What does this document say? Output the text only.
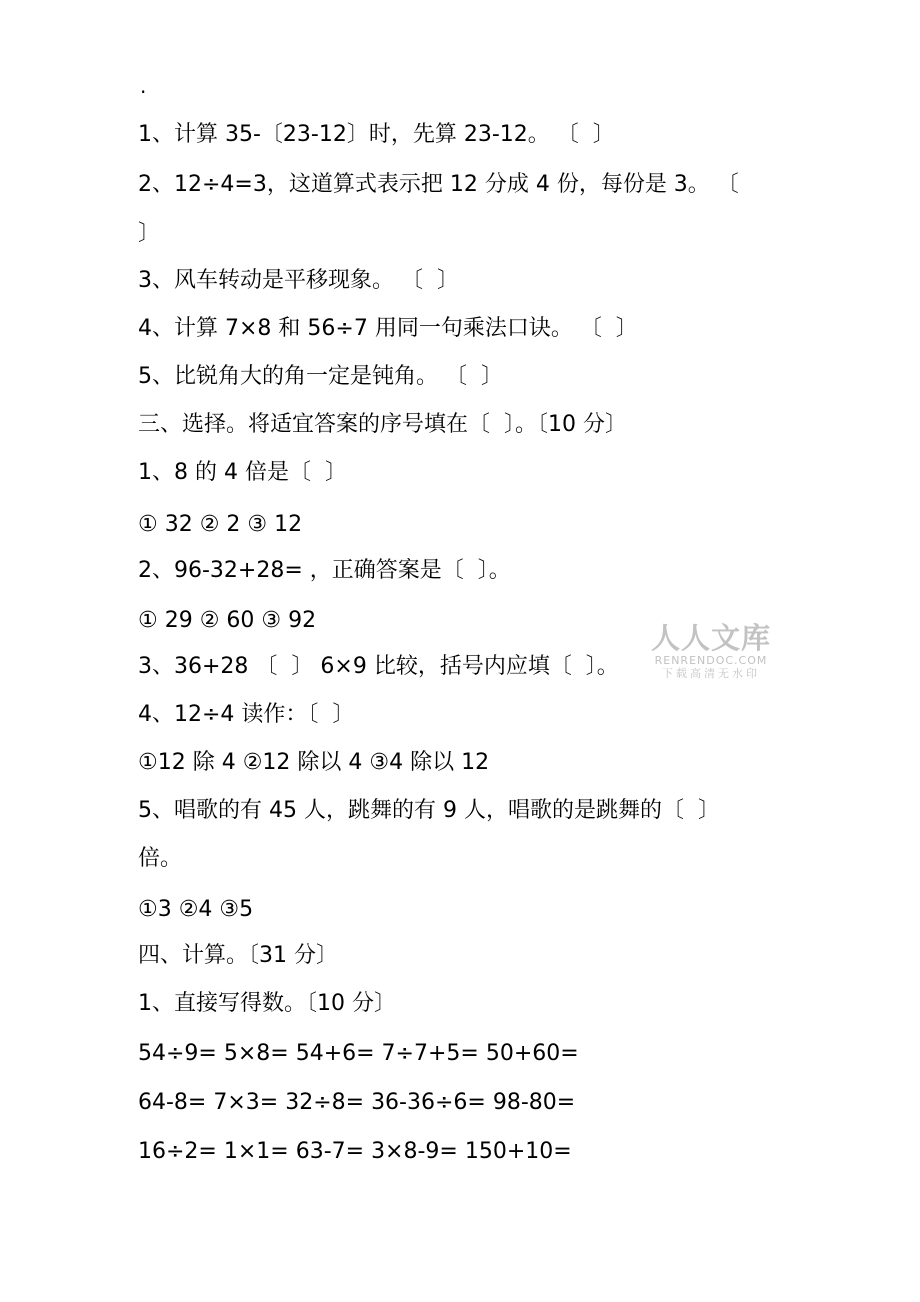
.
1、计算 35-〔23-12〕时，先算 23-12。 〔  〕
2、12÷4=3，这道算式表示把 12 分成 4 份，每份是 3。 〔
〕
3、风车转动是平移现象。 〔  〕
4、计算 7×8 和 56÷7 用同一句乘法口诀。 〔  〕
5、比锐角大的角一定是钝角。 〔  〕
三、选择。将适宜答案的序号填在〔  〕。〔10 分〕
1、8 的 4 倍是〔  〕
① 32 ② 2 ③ 12
2、96-32+28= ，正确答案是〔  〕。
① 29 ② 60 ③ 92
3、36+28 〔  〕 6×9 比较，括号内应填〔  〕。
4、12÷4 读作：〔  〕
①12 除 4 ②12 除以 4 ③4 除以 12
5、唱歌的有 45 人，跳舞的有 9 人，唱歌的是跳舞的〔  〕
倍。
①3 ②4 ③5
四、计算。〔31 分〕
1、直接写得数。〔10 分〕
54÷9= 5×8= 54+6= 7÷7+5= 50+60=
64-8= 7×3= 32÷8= 36-36÷6= 98-80=
16÷2= 1×1= 63-7= 3×8-9= 150+10=
人人文库
RENRENDOC.COM
下载高清无水印
